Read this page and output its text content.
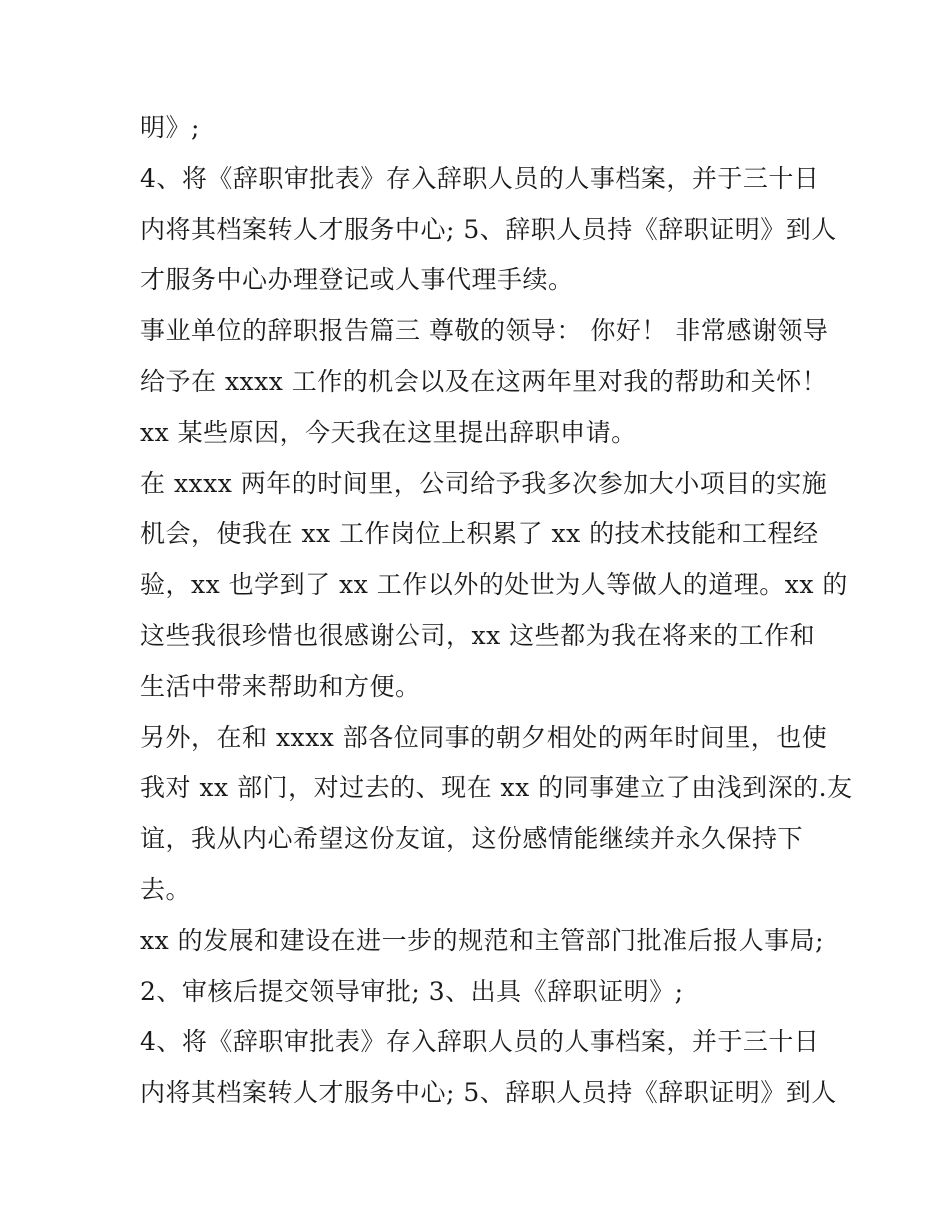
明》;
4、将《辞职审批表》存入辞职人员的人事档案，并于三十日
内将其档案转人才服务中心; 5、辞职人员持《辞职证明》到人
才服务中心办理登记或人事代理手续。
事业单位的辞职报告篇三 尊敬的领导： 你好！ 非常感谢领导
给予在 xxxx 工作的机会以及在这两年里对我的帮助和关怀！
xx 某些原因，今天我在这里提出辞职申请。
在 xxxx 两年的时间里，公司给予我多次参加大小项目的实施
机会，使我在 xx 工作岗位上积累了 xx 的技术技能和工程经
验，xx 也学到了 xx 工作以外的处世为人等做人的道理。xx 的
这些我很珍惜也很感谢公司，xx 这些都为我在将来的工作和
生活中带来帮助和方便。
另外，在和 xxxx 部各位同事的朝夕相处的两年时间里，也使
我对 xx 部门，对过去的、现在 xx 的同事建立了由浅到深的.友
谊，我从内心希望这份友谊，这份感情能继续并永久保持下
去。
xx 的发展和建设在进一步的规范和主管部门批准后报人事局;
2、审核后提交领导审批; 3、出具《辞职证明》;
4、将《辞职审批表》存入辞职人员的人事档案，并于三十日
内将其档案转人才服务中心; 5、辞职人员持《辞职证明》到人
